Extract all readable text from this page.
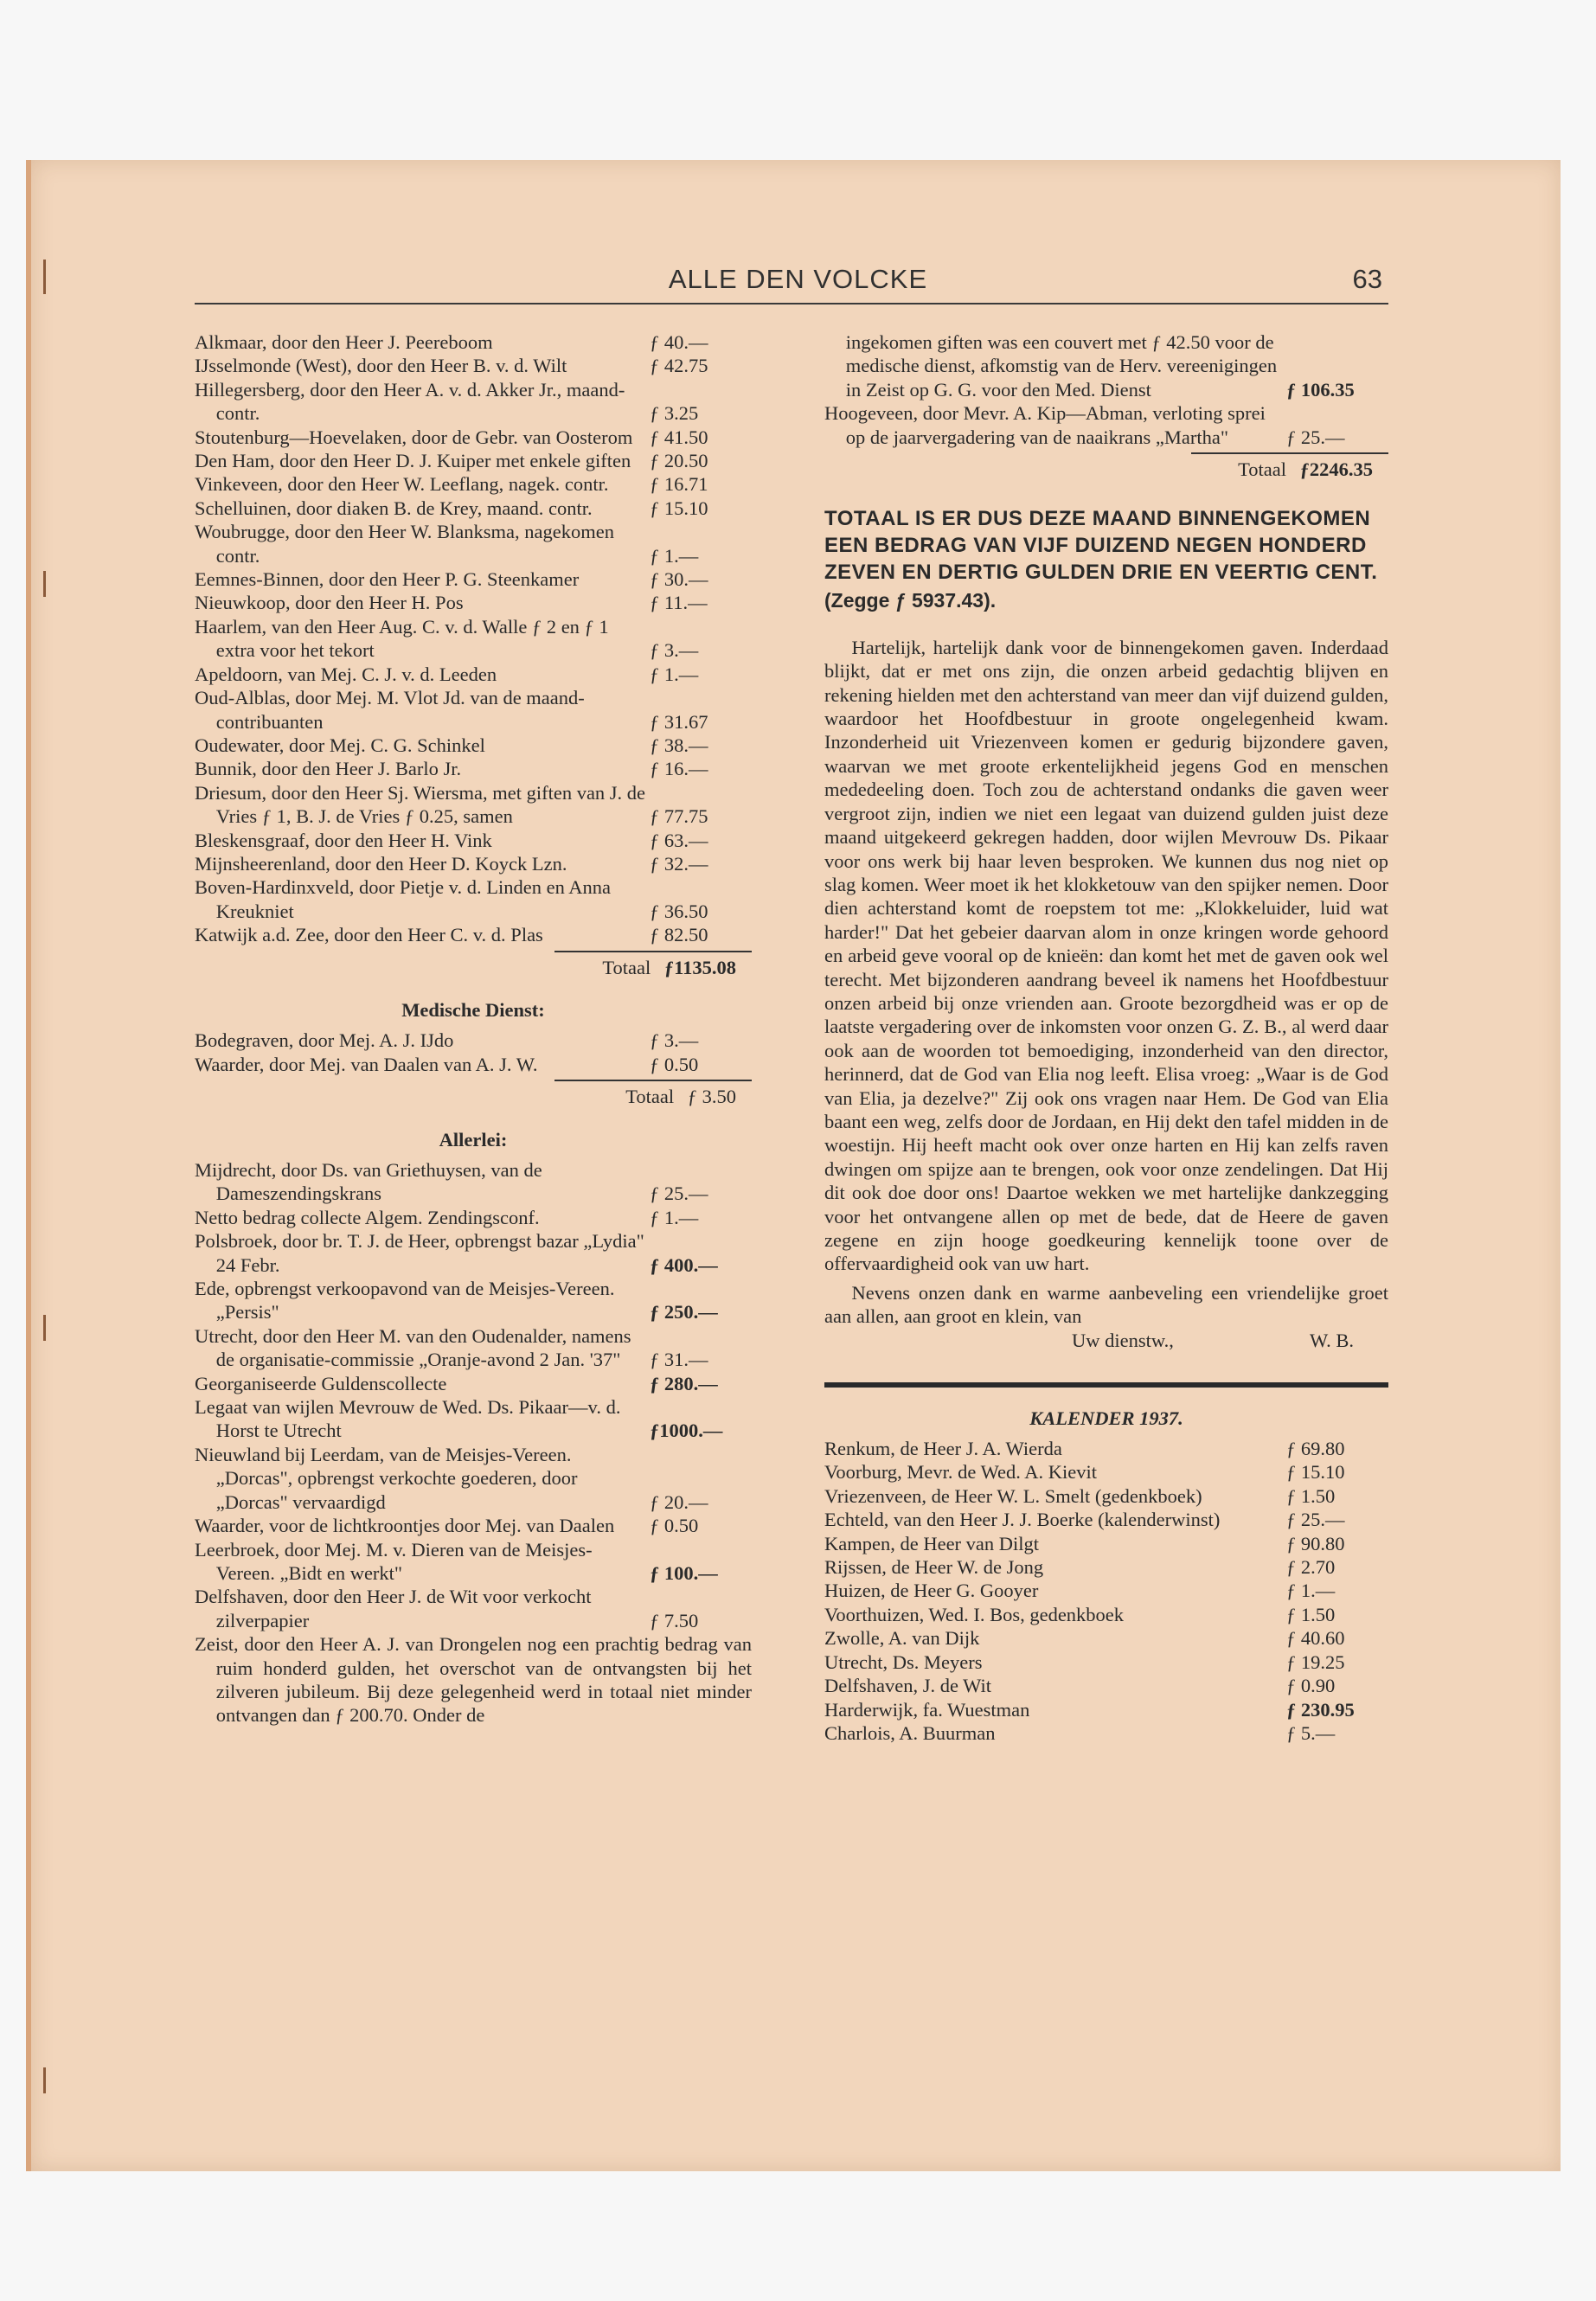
ALLE DEN VOLCKE	63
Alkmaar, door den Heer J. Peereboom	ƒ 40.—
IJsselmonde (West), door den Heer B. v. d. Wilt	ƒ 42.75
Hillegersberg, door den Heer A. v. d. Akker Jr., maand-contr.	ƒ 3.25
Stoutenburg—Hoevelaken, door de Gebr. van Oosterom ƒ 41.50
Den Ham, door den Heer D. J. Kuiper met enkele giften ƒ 20.50
Vinkeveen, door den Heer W. Leeflang, nagek. contr.	ƒ 16.71
Schelluinen, door diaken B. de Krey, maand. contr.	ƒ 15.10
Woubrugge, door den Heer W. Blanksma, nagekomen contr.	ƒ 1.—
Eemnes-Binnen, door den Heer P. G. Steenkamer	ƒ 30.—
Nieuwkoop, door den Heer H. Pos	ƒ 11.—
Haarlem, van den Heer Aug. C. v. d. Walle ƒ 2 en ƒ 1 extra voor het tekort	ƒ 3.—
Apeldoorn, van Mej. C. J. v. d. Leeden	ƒ 1.—
Oud-Alblas, door Mej. M. Vlot Jd. van de maand-contribuanten	ƒ 31.67
Oudewater, door Mej. C. G. Schinkel	ƒ 38.—
Bunnik, door den Heer J. Barlo Jr.	ƒ 16.—
Driesum, door den Heer Sj. Wiersma, met giften van J. de Vries ƒ 1, B. J. de Vries ƒ 0.25, samen	ƒ 77.75
Bleskensgraaf, door den Heer H. Vink	ƒ 63.—
Mijnsheerenland, door den Heer D. Koyck Lzn.	ƒ 32.—
Boven-Hardinxveld, door Pietje v. d. Linden en Anna Kreukniet	ƒ 36.50
Katwijk a.d. Zee, door den Heer C. v. d. Plas	ƒ 82.50
Totaal ƒ1135.08
Medische Dienst:
Bodegraven, door Mej. A. J. IJdo	ƒ 3.—
Waarder, door Mej. van Daalen van A. J. W.	ƒ 0.50
Totaal ƒ 3.50
Allerlei:
Mijdrecht, door Ds. van Griethuysen, van de Dameszendingskrans	ƒ 25.—
Netto bedrag collecte Algem. Zendingsconf.	ƒ 1.—
Polsbroek, door br. T. J. de Heer, opbrengst bazar „Lydia" 24 Febr.	ƒ 400.—
Ede, opbrengst verkoopavond van de Meisjes-Vereen. „Persis"	ƒ 250.—
Utrecht, door den Heer M. van den Oudenalder, namens de organisatie-commissie „Oranje-avond 2 Jan. '37"	ƒ 31.—
Georganiseerde Guldenscollecte	ƒ 280.—
Legaat van wijlen Mevrouw de Wed. Ds. Pikaar—v. d. Horst te Utrecht	ƒ1000.—
Nieuwland bij Leerdam, van de Meisjes-Vereen. „Dorcas", opbrengst verkochte goederen, door „Dorcas" vervaardigd	ƒ 20.—
Waarder, voor de lichtkroontjes door Mej. van Daalen	ƒ 0.50
Leerbroek, door Mej. M. v. Dieren van de Meisjes-Vereen. „Bidt en werkt"	ƒ 100.—
Delfshaven, door den Heer J. de Wit voor verkocht zilverpapier	ƒ 7.50
Zeist, door den Heer A. J. van Drongelen nog een prachtig bedrag van ruim honderd gulden, het overschot van de ontvangsten bij het zilveren jubileum. Bij deze gelegenheid werd in totaal niet minder ontvangen dan ƒ 200.70. Onder de
ingekomen giften was een couvert met ƒ 42.50 voor de medische dienst, afkomstig van de Herv. vereenigingen in Zeist op G. G. voor den Med. Dienst	ƒ 106.35
Hoogeveen, door Mevr. A. Kip—Abman, verloting sprei op de jaarvergadering van de naaikrans „Martha"	ƒ 25.—
Totaal ƒ2246.35
TOTAAL IS ER DUS DEZE MAAND BINNENGEKOMEN EEN BEDRAG VAN VIJF DUIZEND NEGEN HONDERD ZEVEN EN DERTIG GULDEN DRIE EN VEERTIG CENT.
(Zegge ƒ 5937.43).
Hartelijk, hartelijk dank voor de binnengekomen gaven. Inderdaad blijkt, dat er met ons zijn, die onzen arbeid gedachtig blijven en rekening hielden met den achterstand van meer dan vijf duizend gulden, waardoor het Hoofdbestuur in groote ongelegenheid kwam. Inzonderheid uit Vriezenveen komen er gedurig bijzondere gaven, waarvan we met groote erkentelijkheid jegens God en menschen mededeeling doen. Toch zou de achterstand ondanks die gaven weer vergroot zijn, indien we niet een legaat van duizend gulden juist deze maand uitgekeerd gekregen hadden, door wijlen Mevrouw Ds. Pikaar voor ons werk bij haar leven besproken. We kunnen dus nog niet op slag komen. Weer moet ik het klokketouw van den spijker nemen. Door dien achterstand komt de roepstem tot me: „Klokkeluider, luid wat harder!" Dat het gebeier daarvan alom in onze kringen worde gehoord en arbeid geve vooral op de knieën: dan komt het met de gaven ook wel terecht. Met bijzonderen aandrang beveel ik namens het Hoofdbestuur onzen arbeid bij onze vrienden aan. Groote bezorgdheid was er op de laatste vergadering over de inkomsten voor onzen G. Z. B., al werd daar ook aan de woorden tot bemoediging, inzonderheid van den director, herinnerd, dat de God van Elia nog leeft. Elisa vroeg: „Waar is de God van Elia, ja dezelve?" Zij ook ons vragen naar Hem. De God van Elia baant een weg, zelfs door de Jordaan, en Hij dekt den tafel midden in de woestijn. Hij heeft macht ook over onze harten en Hij kan zelfs raven dwingen om spijze aan te brengen, ook voor onze zendelingen. Dat Hij dit ook doe door ons! Daartoe wekken we met hartelijke dankzegging voor het ontvangene allen op met de bede, dat de Heere de gaven zegene en zijn hooge goedkeuring kennelijk toone over de offervaardigheid ook van uw hart.
Nevens onzen dank en warme aanbeveling een vriendelijke groet aan allen, aan groot en klein, van
Uw dienstw.,	W. B.
KALENDER 1937.
Renkum, de Heer J. A. Wierda	ƒ 69.80
Voorburg, Mevr. de Wed. A. Kievit	ƒ 15.10
Vriezenveen, de Heer W. L. Smelt (gedenkboek)	ƒ 1.50
Echteld, van den Heer J. J. Boerke (kalenderwinst)	ƒ 25.—
Kampen, de Heer van Dilgt	ƒ 90.80
Rijssen, de Heer W. de Jong	ƒ 2.70
Huizen, de Heer G. Gooyer	ƒ 1.—
Voorthuizen, Wed. I. Bos, gedenkboek	ƒ 1.50
Zwolle, A. van Dijk	ƒ 40.60
Utrecht, Ds. Meyers	ƒ 19.25
Delfshaven, J. de Wit	ƒ 0.90
Harderwijk, fa. Wuestman	ƒ 230.95
Charlois, A. Buurman	ƒ 5.—
